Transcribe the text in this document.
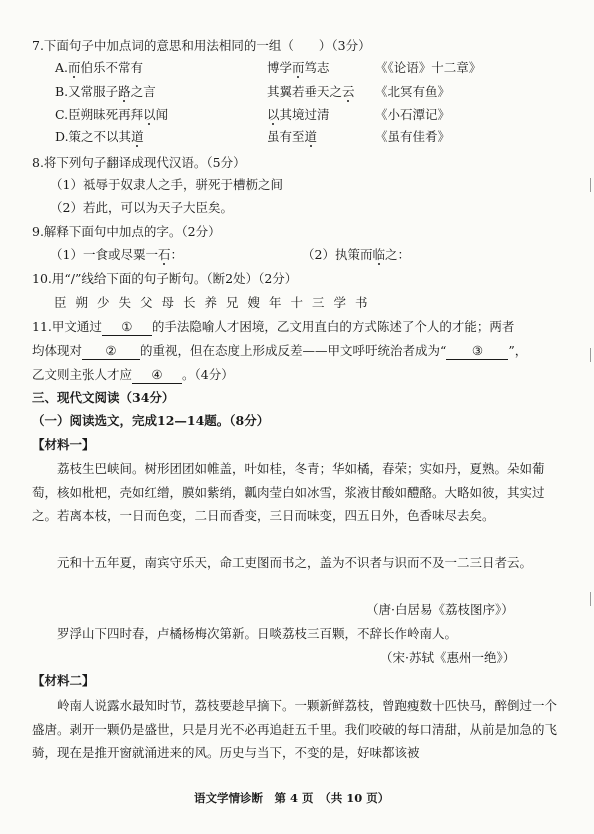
7.下面句子中加点词的意思和用法相同的一组（　　）（3分）
A.而伯乐不常有	博学而笃志	《《论语》十二章》
B.又常服子路之言	其翼若垂天之云 《北冥有鱼》
C.臣朔昧死再拜以闻	以其境过清	《小石潭记》
D.策之不以其道	虽有至道	《虽有佳肴》
8.将下列句子翻译成现代汉语。（5分）
（1）祗辱于奴隶人之手，骈死于槽枥之间
（2）若此，可以为天子大臣矣。
9.解释下面句中加点的字。（2分）
（1）一食或尽粟一石：	（2）执策而临之：
10.用“/”线给下面的句子断句。（断2处）（2分）
臣朔少失父母长养兄嫂年十三学书
11.甲文通过 ① 的手法隐喻人才困境，乙文用直白的方式陈述了个人的才能；两者
均体现对 ② 的重视，但在态度上形成反差——甲文呼吁统治者成为“ ③ ”，
乙文则主张人才应 ④ 。（4分）
三、现代文阅读（34分）
（一）阅读选文，完成12—14题。（8分）
【材料一】
荔枝生巴峡间。树形团团如帷盖，叶如桂，冬青；华如橘，春荣；实如丹，夏熟。朵如葡萄，核如枇杷，壳如红缯，膜如紫绡，瓤肉莹白如冰雪，浆液甘酸如醴酪。大略如彼，其实过之。若离本枝，一日而色变，二日而香变，三日而味变，四五日外，色香味尽去矣。
元和十五年夏，南宾守乐天，命工吏图而书之，盖为不识者与识而不及一二三日者云。
（唐·白居易《荔枝图序》）
罗浮山下四时春，卢橘杨梅次第新。日啖荔枝三百颗，不辞长作岭南人。
（宋·苏轼《惠州一绝》）
【材料二】
岭南人说露水最知时节，荔枝要趁早摘下。一颗新鲜荔枝，曾跑瘦数十匹快马，醉倒过一个盛唐。剥开一颗仍是盛世，只是月光不必再追赶五千里。我们咬破的每口清甜，从前是加急的飞骑，现在是推开窗就涌进来的风。历史与当下，不变的是，好味都该被
语文学情诊断　第 4 页　（共 10 页）
